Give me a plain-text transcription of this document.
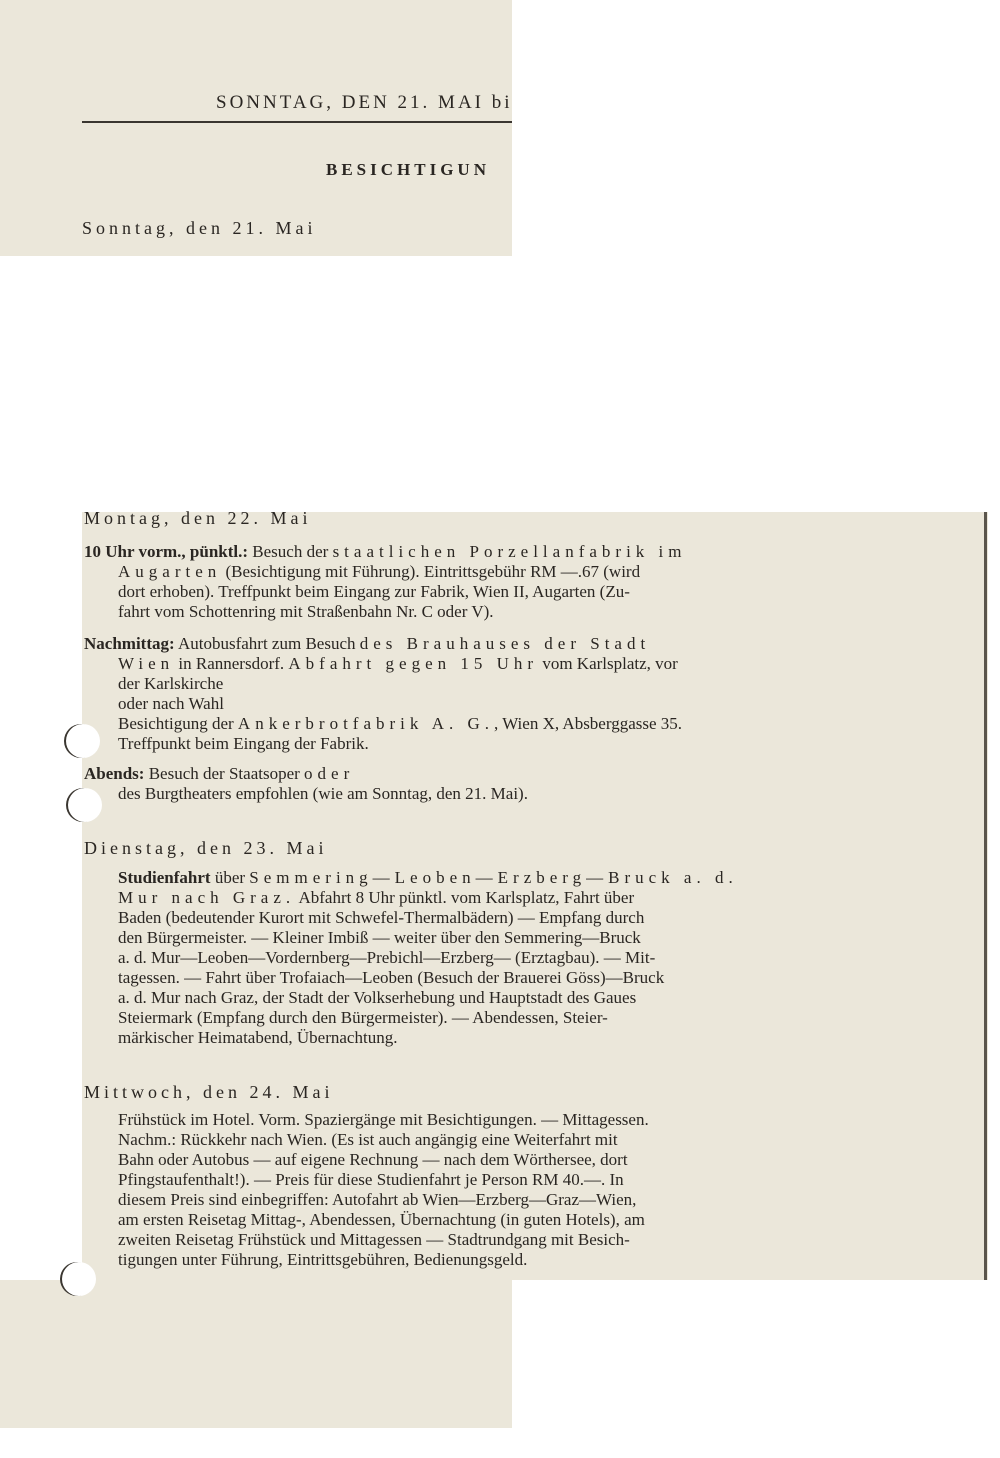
SONNTAG, DEN 21. MAI bi

BESICHTIGUN

Sonntag, den 21. Mai

Montag, den 22. Mai

10 Uhr vorm., pünktl.: Besuch der staatlichen Porzellanfabrik im
Augarten (Besichtigung mit Führung). Eintrittsgebühr RM —.67 (wird
dort erhoben). Treffpunkt beim Eingang zur Fabrik, Wien II, Augarten (Zu-
fahrt vom Schottenring mit Straßenbahn Nr. C oder V).
Nachmittag: Autobusfahrt zum Besuch des Brauhauses der Stadt
Wien in Rannersdorf. Abfahrt gegen 15 Uhr vom Karlsplatz, vor
der Karlskirche
oder nach Wahl
Besichtigung der Ankerbrotfabrik A. G., Wien X, Absberggasse 35.
Treffpunkt beim Eingang der Fabrik.
Abends: Besuch der Staatsoper oder
des Burgtheaters empfohlen (wie am Sonntag, den 21. Mai).

Dienstag, den 23. Mai

Studienfahrt über Semmering—Leoben—Erzberg—Bruck a. d.
Mur nach Graz. Abfahrt 8 Uhr pünktl. vom Karlsplatz, Fahrt über
Baden (bedeutender Kurort mit Schwefel-Thermalbädern) — Empfang durch
den Bürgermeister. — Kleiner Imbiß — weiter über den Semmering—Bruck
a. d. Mur—Leoben—Vordernberg—Prebichl—Erzberg— (Erztagbau). — Mit-
tagessen. — Fahrt über Trofaiach—Leoben (Besuch der Brauerei Göss)—Bruck
a. d. Mur nach Graz, der Stadt der Volkserhebung und Hauptstadt des Gaues
Steiermark (Empfang durch den Bürgermeister). — Abendessen, Steier-
märkischer Heimatabend, Übernachtung.

Mittwoch, den 24. Mai

Frühstück im Hotel. Vorm. Spaziergänge mit Besichtigungen. — Mittagessen.
Nachm.: Rückkehr nach Wien. (Es ist auch angängig eine Weiterfahrt mit
Bahn oder Autobus — auf eigene Rechnung — nach dem Wörthersee, dort
Pfingstaufenthalt!). — Preis für diese Studienfahrt je Person RM 40.—. In
diesem Preis sind einbegriffen: Autofahrt ab Wien—Erzberg—Graz—Wien,
am ersten Reisetag Mittag-, Abendessen, Übernachtung (in guten Hotels), am
zweiten Reisetag Frühstück und Mittagessen — Stadtrundgang mit Besich-
tigungen unter Führung, Eintrittsgebühren, Bedienungsgeld.
